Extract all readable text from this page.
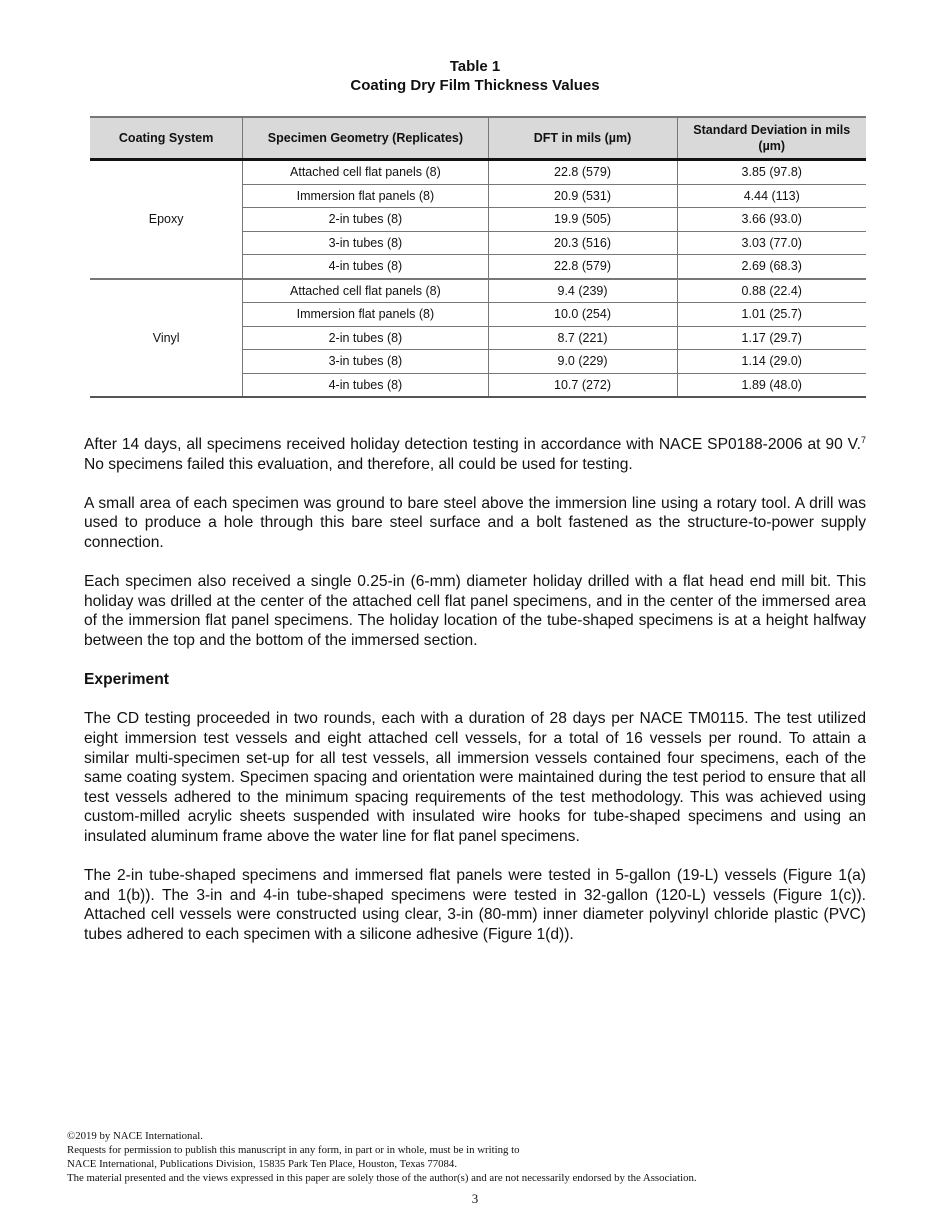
Table 1
Coating Dry Film Thickness Values
Coating System	Specimen Geometry (Replicates)	DFT in mils (µm)	Standard Deviation in mils (µm)
Epoxy	Attached cell flat panels (8)	22.8 (579)	3.85 (97.8)
	Immersion flat panels (8)	20.9 (531)	4.44 (113)
	2-in tubes (8)	19.9 (505)	3.66 (93.0)
	3-in tubes (8)	20.3 (516)	3.03 (77.0)
	4-in tubes (8)	22.8 (579)	2.69 (68.3)
Vinyl	Attached cell flat panels (8)	9.4 (239)	0.88 (22.4)
	Immersion flat panels (8)	10.0 (254)	1.01 (25.7)
	2-in tubes (8)	8.7 (221)	1.17 (29.7)
	3-in tubes (8)	9.0 (229)	1.14 (29.0)
	4-in tubes (8)	10.7 (272)	1.89 (48.0)

After 14 days, all specimens received holiday detection testing in accordance with NACE SP0188-2006 at 90 V.$^7$ No specimens failed this evaluation, and therefore, all could be used for testing.

A small area of each specimen was ground to bare steel above the immersion line using a rotary tool. A drill was used to produce a hole through this bare steel surface and a bolt fastened as the structure-to-power supply connection.

Each specimen also received a single 0.25-in (6-mm) diameter holiday drilled with a flat head end mill bit. This holiday was drilled at the center of the attached cell flat panel specimens, and in the center of the immersed area of the immersion flat panel specimens. The holiday location of the tube-shaped specimens is at a height halfway between the top and the bottom of the immersed section.

Experiment

The CD testing proceeded in two rounds, each with a duration of 28 days per NACE TM0115. The test utilized eight immersion test vessels and eight attached cell vessels, for a total of 16 vessels per round. To attain a similar multi-specimen set-up for all test vessels, all immersion vessels contained four specimens, each of the same coating system. Specimen spacing and orientation were maintained during the test period to ensure that all test vessels adhered to the minimum spacing requirements of the test methodology. This was achieved using custom-milled acrylic sheets suspended with insulated wire hooks for tube-shaped specimens and using an insulated aluminum frame above the water line for flat panel specimens.

The 2-in tube-shaped specimens and immersed flat panels were tested in 5-gallon (19-L) vessels (Figure 1(a) and 1(b)). The 3-in and 4-in tube-shaped specimens were tested in 32-gallon (120-L) vessels (Figure 1(c)). Attached cell vessels were constructed using clear, 3-in (80-mm) inner diameter polyvinyl chloride plastic (PVC) tubes adhered to each specimen with a silicone adhesive (Figure 1(d)).

©2019 by NACE International.
Requests for permission to publish this manuscript in any form, in part or in whole, must be in writing to
NACE International, Publications Division, 15835 Park Ten Place, Houston, Texas 77084.
The material presented and the views expressed in this paper are solely those of the author(s) and are not necessarily endorsed by the Association.
3
